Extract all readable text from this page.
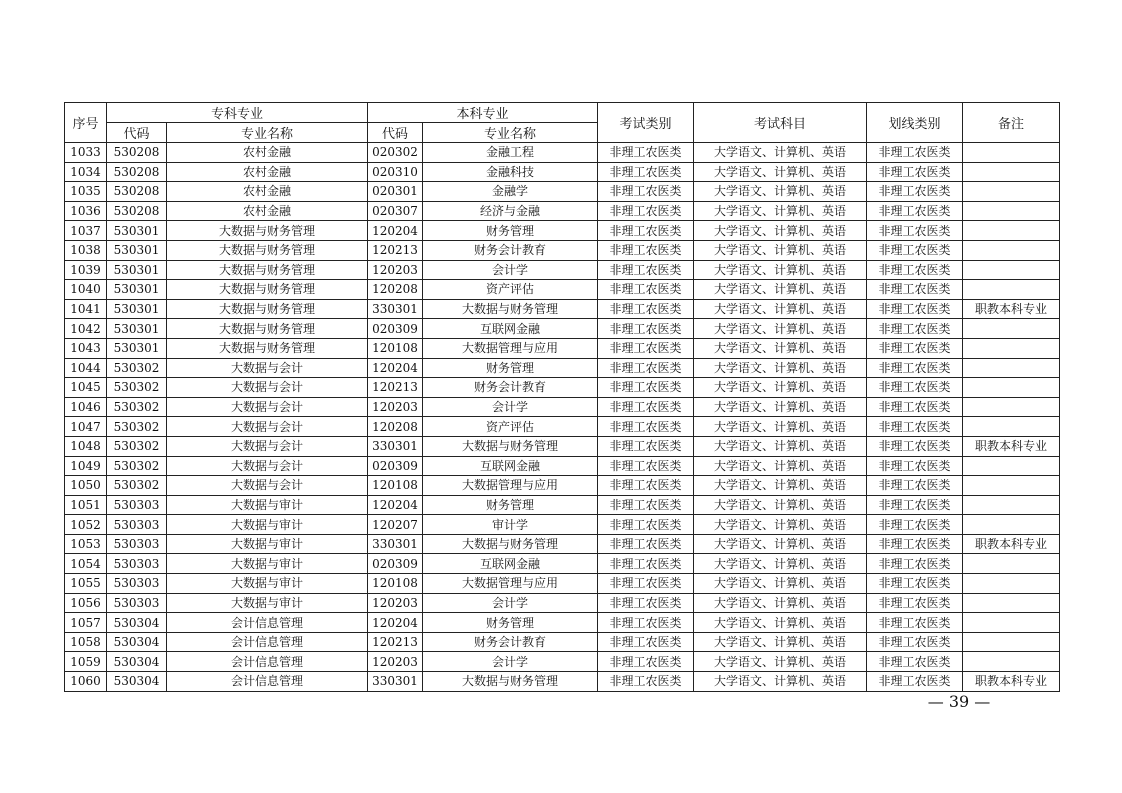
序号	专科专业		本科专业		考试类别	考试科目	划线类别	备注
	代码	专业名称	代码	专业名称				
1033	530208	农村金融	020302	金融工程	非理工农医类	大学语文、计算机、英语	非理工农医类	
1034	530208	农村金融	020310	金融科技	非理工农医类	大学语文、计算机、英语	非理工农医类	
1035	530208	农村金融	020301	金融学	非理工农医类	大学语文、计算机、英语	非理工农医类	
1036	530208	农村金融	020307	经济与金融	非理工农医类	大学语文、计算机、英语	非理工农医类	
1037	530301	大数据与财务管理	120204	财务管理	非理工农医类	大学语文、计算机、英语	非理工农医类	
1038	530301	大数据与财务管理	120213	财务会计教育	非理工农医类	大学语文、计算机、英语	非理工农医类	
1039	530301	大数据与财务管理	120203	会计学	非理工农医类	大学语文、计算机、英语	非理工农医类	
1040	530301	大数据与财务管理	120208	资产评估	非理工农医类	大学语文、计算机、英语	非理工农医类	
1041	530301	大数据与财务管理	330301	大数据与财务管理	非理工农医类	大学语文、计算机、英语	非理工农医类	职教本科专业
1042	530301	大数据与财务管理	020309	互联网金融	非理工农医类	大学语文、计算机、英语	非理工农医类	
1043	530301	大数据与财务管理	120108	大数据管理与应用	非理工农医类	大学语文、计算机、英语	非理工农医类	
1044	530302	大数据与会计	120204	财务管理	非理工农医类	大学语文、计算机、英语	非理工农医类	
1045	530302	大数据与会计	120213	财务会计教育	非理工农医类	大学语文、计算机、英语	非理工农医类	
1046	530302	大数据与会计	120203	会计学	非理工农医类	大学语文、计算机、英语	非理工农医类	
1047	530302	大数据与会计	120208	资产评估	非理工农医类	大学语文、计算机、英语	非理工农医类	
1048	530302	大数据与会计	330301	大数据与财务管理	非理工农医类	大学语文、计算机、英语	非理工农医类	职教本科专业
1049	530302	大数据与会计	020309	互联网金融	非理工农医类	大学语文、计算机、英语	非理工农医类	
1050	530302	大数据与会计	120108	大数据管理与应用	非理工农医类	大学语文、计算机、英语	非理工农医类	
1051	530303	大数据与审计	120204	财务管理	非理工农医类	大学语文、计算机、英语	非理工农医类	
1052	530303	大数据与审计	120207	审计学	非理工农医类	大学语文、计算机、英语	非理工农医类	
1053	530303	大数据与审计	330301	大数据与财务管理	非理工农医类	大学语文、计算机、英语	非理工农医类	职教本科专业
1054	530303	大数据与审计	020309	互联网金融	非理工农医类	大学语文、计算机、英语	非理工农医类	
1055	530303	大数据与审计	120108	大数据管理与应用	非理工农医类	大学语文、计算机、英语	非理工农医类	
1056	530303	大数据与审计	120203	会计学	非理工农医类	大学语文、计算机、英语	非理工农医类	
1057	530304	会计信息管理	120204	财务管理	非理工农医类	大学语文、计算机、英语	非理工农医类	
1058	530304	会计信息管理	120213	财务会计教育	非理工农医类	大学语文、计算机、英语	非理工农医类	
1059	530304	会计信息管理	120203	会计学	非理工农医类	大学语文、计算机、英语	非理工农医类	
1060	530304	会计信息管理	330301	大数据与财务管理	非理工农医类	大学语文、计算机、英语	非理工农医类	职教本科专业
— 39 —
